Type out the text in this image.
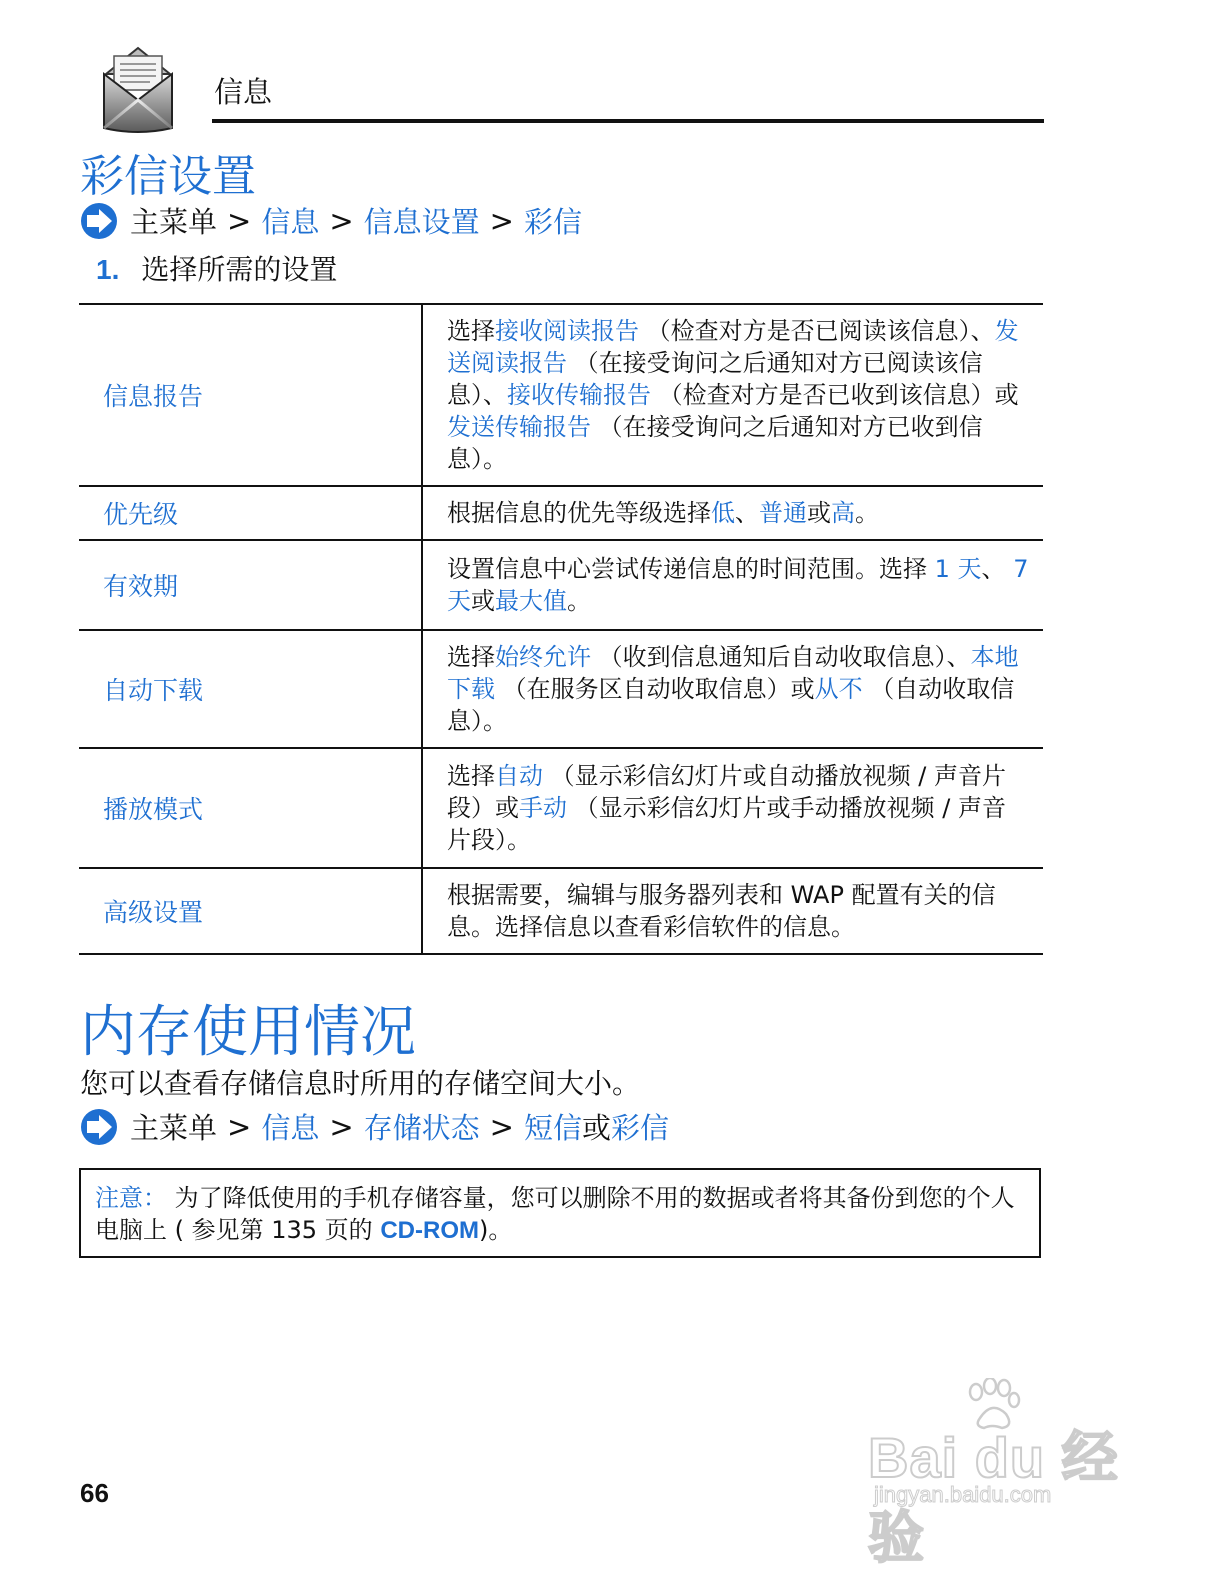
信息
彩信设置
主菜单 > 信息 > 信息设置 > 彩信
1. 选择所需的设置
信息报告	选择接收阅读报告 （检查对方是否已阅读该信息）、发送阅读报告 （在接受询问之后通知对方已阅读该信息）、接收传输报告 （检查对方是否已收到该信息）或发送传输报告 （在接受询问之后通知对方已收到信息）。
优先级	根据信息的优先等级选择低、普通或高。
有效期	设置信息中心尝试传递信息的时间范围。选择 1 天、 7 天或最大值。
自动下载	选择始终允许 （收到信息通知后自动收取信息）、本地下载 （在服务区自动收取信息）或从不 （自动收取信息）。
播放模式	选择自动 （显示彩信幻灯片或自动播放视频 / 声音片段）或手动 （显示彩信幻灯片或手动播放视频 / 声音片段）。
高级设置	根据需要，编辑与服务器列表和 WAP 配置有关的信息。选择信息以查看彩信软件的信息。
内存使用情况
您可以查看存储信息时所用的存储空间大小。
主菜单 > 信息 > 存储状态 > 短信 或 彩信
注意： 为了降低使用的手机存储容量，您可以删除不用的数据或者将其备份到您的个人电脑上 ( 参见第 135 页的 CD-ROM)。
66
Bai du 经验
jingyan.baidu.com
